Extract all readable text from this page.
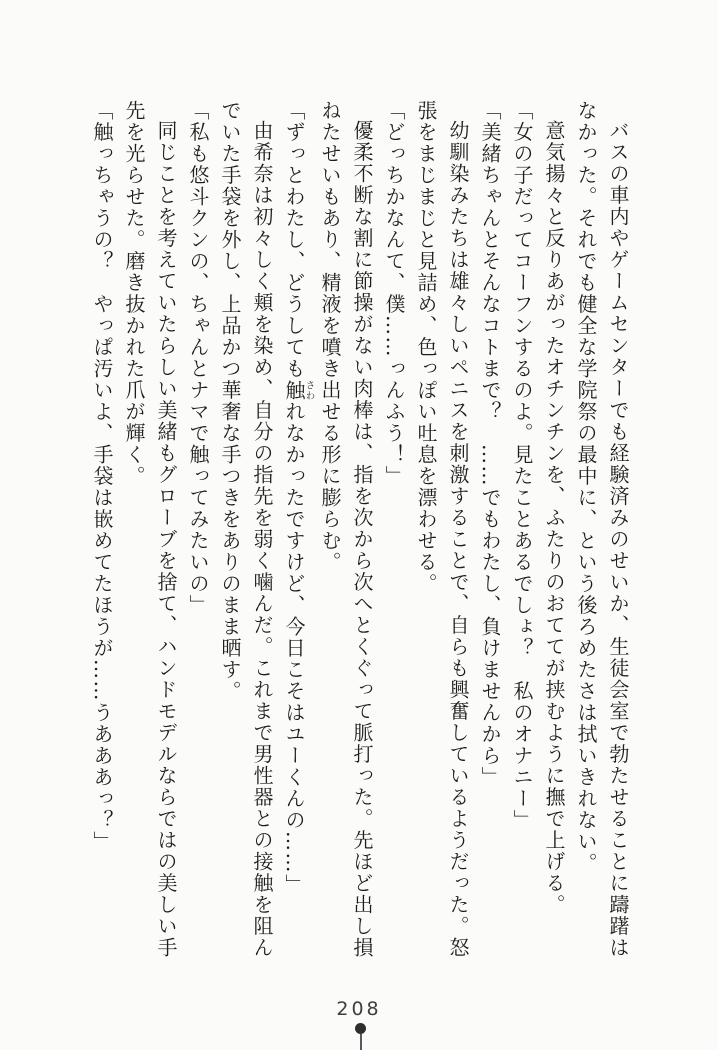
バスの車内やゲームセンターでも経験済みのせいか、生徒会室で勃たせることに躊躇は
なかった。それでも健全な学院祭の最中に、という後ろめたさは拭いきれない。
意気揚々と反りあがったオチンチンを、ふたりのおててが挟むように撫で上げる。
「女の子だってコーフンするのよ。見たことあるでしょ？　私のオナニー」
「美緒ちゃんとそんなコトまで？　……でもわたし、負けませんから」
幼馴染みたちは雄々しいペニスを刺激することで、自らも興奮しているようだった。怒
張をまじまじと見詰め、色っぽい吐息を漂わせる。
「どっちかなんて、僕……っんふう！」
優柔不断な割に節操がない肉棒は、指を次から次へとくぐって脈打った。先ほど出し損
ねたせいもあり、精液を噴き出せる形に膨らむ。
「ずっとわたし、どうしても触さわれなかったですけど、今日こそはユーくんの……」
由希奈は初々しく頬を染め、自分の指先を弱く噛んだ。これまで男性器との接触を阻ん
でいた手袋を外し、上品かつ華奢な手つきをありのまま晒す。
「私も悠斗クンの、ちゃんとナマで触ってみたいの」
同じことを考えていたらしい美緒もグローブを捨て、ハンドモデルならではの美しい手
先を光らせた。磨き抜かれた爪が輝く。
「触っちゃうの？　やっぱ汚いよ、手袋は嵌めてたほうが……うあああっ？」
208
